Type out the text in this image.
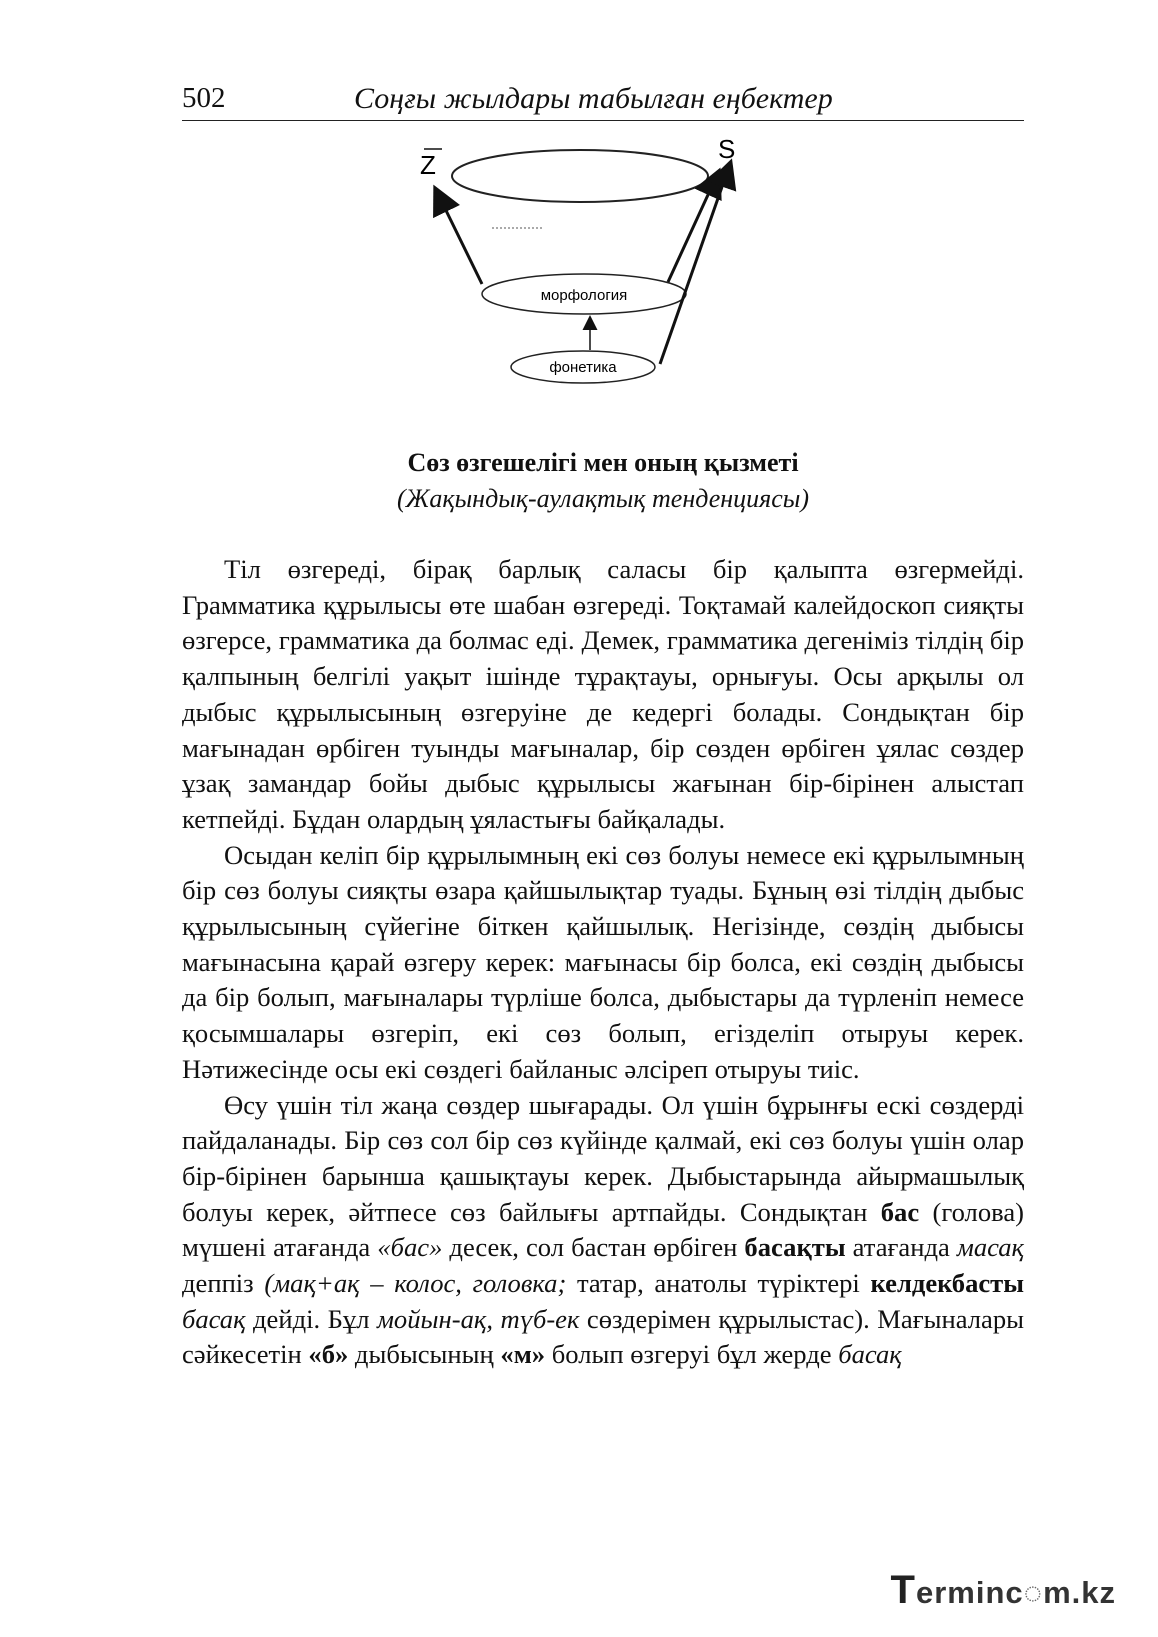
502	Соңғы жылдары табылған еңбектер
морфология
фонетика
Z
S
Сөз өзгешелігі мен оның қызметі
(Жақындық-аулақтық тенденциясы)

Тіл өзгереді, бірақ барлық саласы бір қалыпта өзгермейді. Грамматика құрылысы өте шабан өзгереді. Тоқтамай калейдоскоп сияқты өзгерсе, грамматика да болмас еді. Демек, грамматика дегеніміз тілдің бір қалпының белгілі уақыт ішінде тұрақтауы, орнығуы. Осы арқылы ол дыбыс құрылысының өзгеруіне де кедергі болады. Сондықтан бір мағынадан өрбіген туынды мағыналар, бір сөзден өрбіген ұялас сөздер ұзақ замандар бойы дыбыс құрылысы жағынан бір-бірінен алыстап кетпейді. Бұдан олардың ұяластығы байқалады.

Осыдан келіп бір құрылымның екі сөз болуы немесе екі құрылымның бір сөз болуы сияқты өзара қайшылықтар туады. Бұның өзі тілдің дыбыс құрылысының сүйегіне біткен қайшылық. Негізінде, сөздің дыбысы мағынасына қарай өзгеру керек: мағынасы бір болса, екі сөздің дыбысы да бір болып, мағыналары түрліше болса, дыбыстары да түрленіп немесе қосымшалары өзгеріп, екі сөз болып, егізделіп отыруы керек. Нәтижесінде осы екі сөздегі байланыс әлсіреп отыруы тиіс.

Өсу үшін тіл жаңа сөздер шығарады. Ол үшін бұрынғы ескі сөздерді пайдаланады. Бір сөз сол бір сөз күйінде қалмай, екі сөз болуы үшін олар бір-бірінен барынша қашықтауы керек. Дыбыстарында айырмашылық болуы керек, әйтпесе сөз байлығы артпайды. Сондықтан бас (голова) мүшені атағанда «бас» десек, сол бастан өрбіген басақты атағанда масақ деппіз (мақ+ақ – колос, головка; татар, анатолы түріктері келдекбасты басақ дейді. Бұл мойын-ақ, түб-ек сөздерімен құрылыстас). Мағыналары сәйкесетін «б» дыбысының «м» болып өзгеруі бұл жерде басақ

Terminc◌m.kz
